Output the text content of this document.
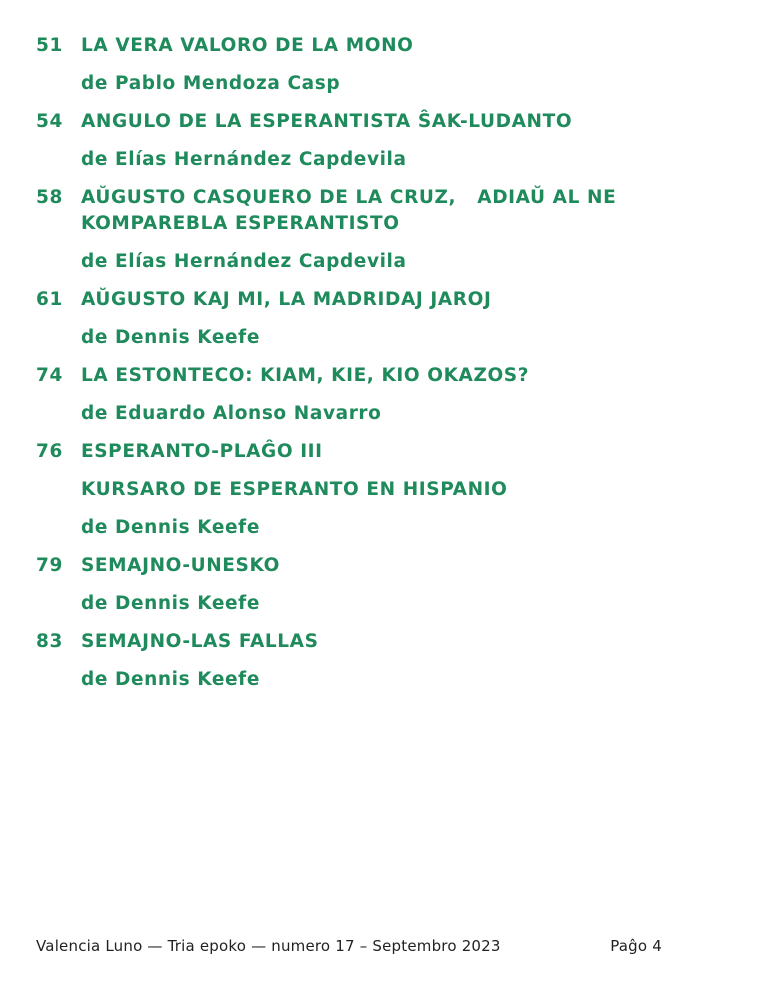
51 LA VERA VALORO DE LA MONO
de Pablo Mendoza Casp
54 ANGULO DE LA ESPERANTISTA ŜAK-LUDANTO
de Elías Hernández Capdevila
58 AŬGUSTO CASQUERO DE LA CRUZ,   ADIAŬ AL NE
KOMPAREBLA ESPERANTISTO
de Elías Hernández Capdevila
61 AŬGUSTO KAJ MI, LA MADRIDAJ JAROJ
de Dennis Keefe
74 LA ESTONTECO: KIAM, KIE, KIO OKAZOS?
de Eduardo Alonso Navarro
76 ESPERANTO-PLAĜO III
KURSARO DE ESPERANTO EN HISPANIO
de Dennis Keefe
79 SEMAJNO-UNESKO
de Dennis Keefe
83 SEMAJNO-LAS FALLAS
de Dennis Keefe
Valencia Luno — Tria epoko — numero 17 – Septembro 2023	Paĝo 4
